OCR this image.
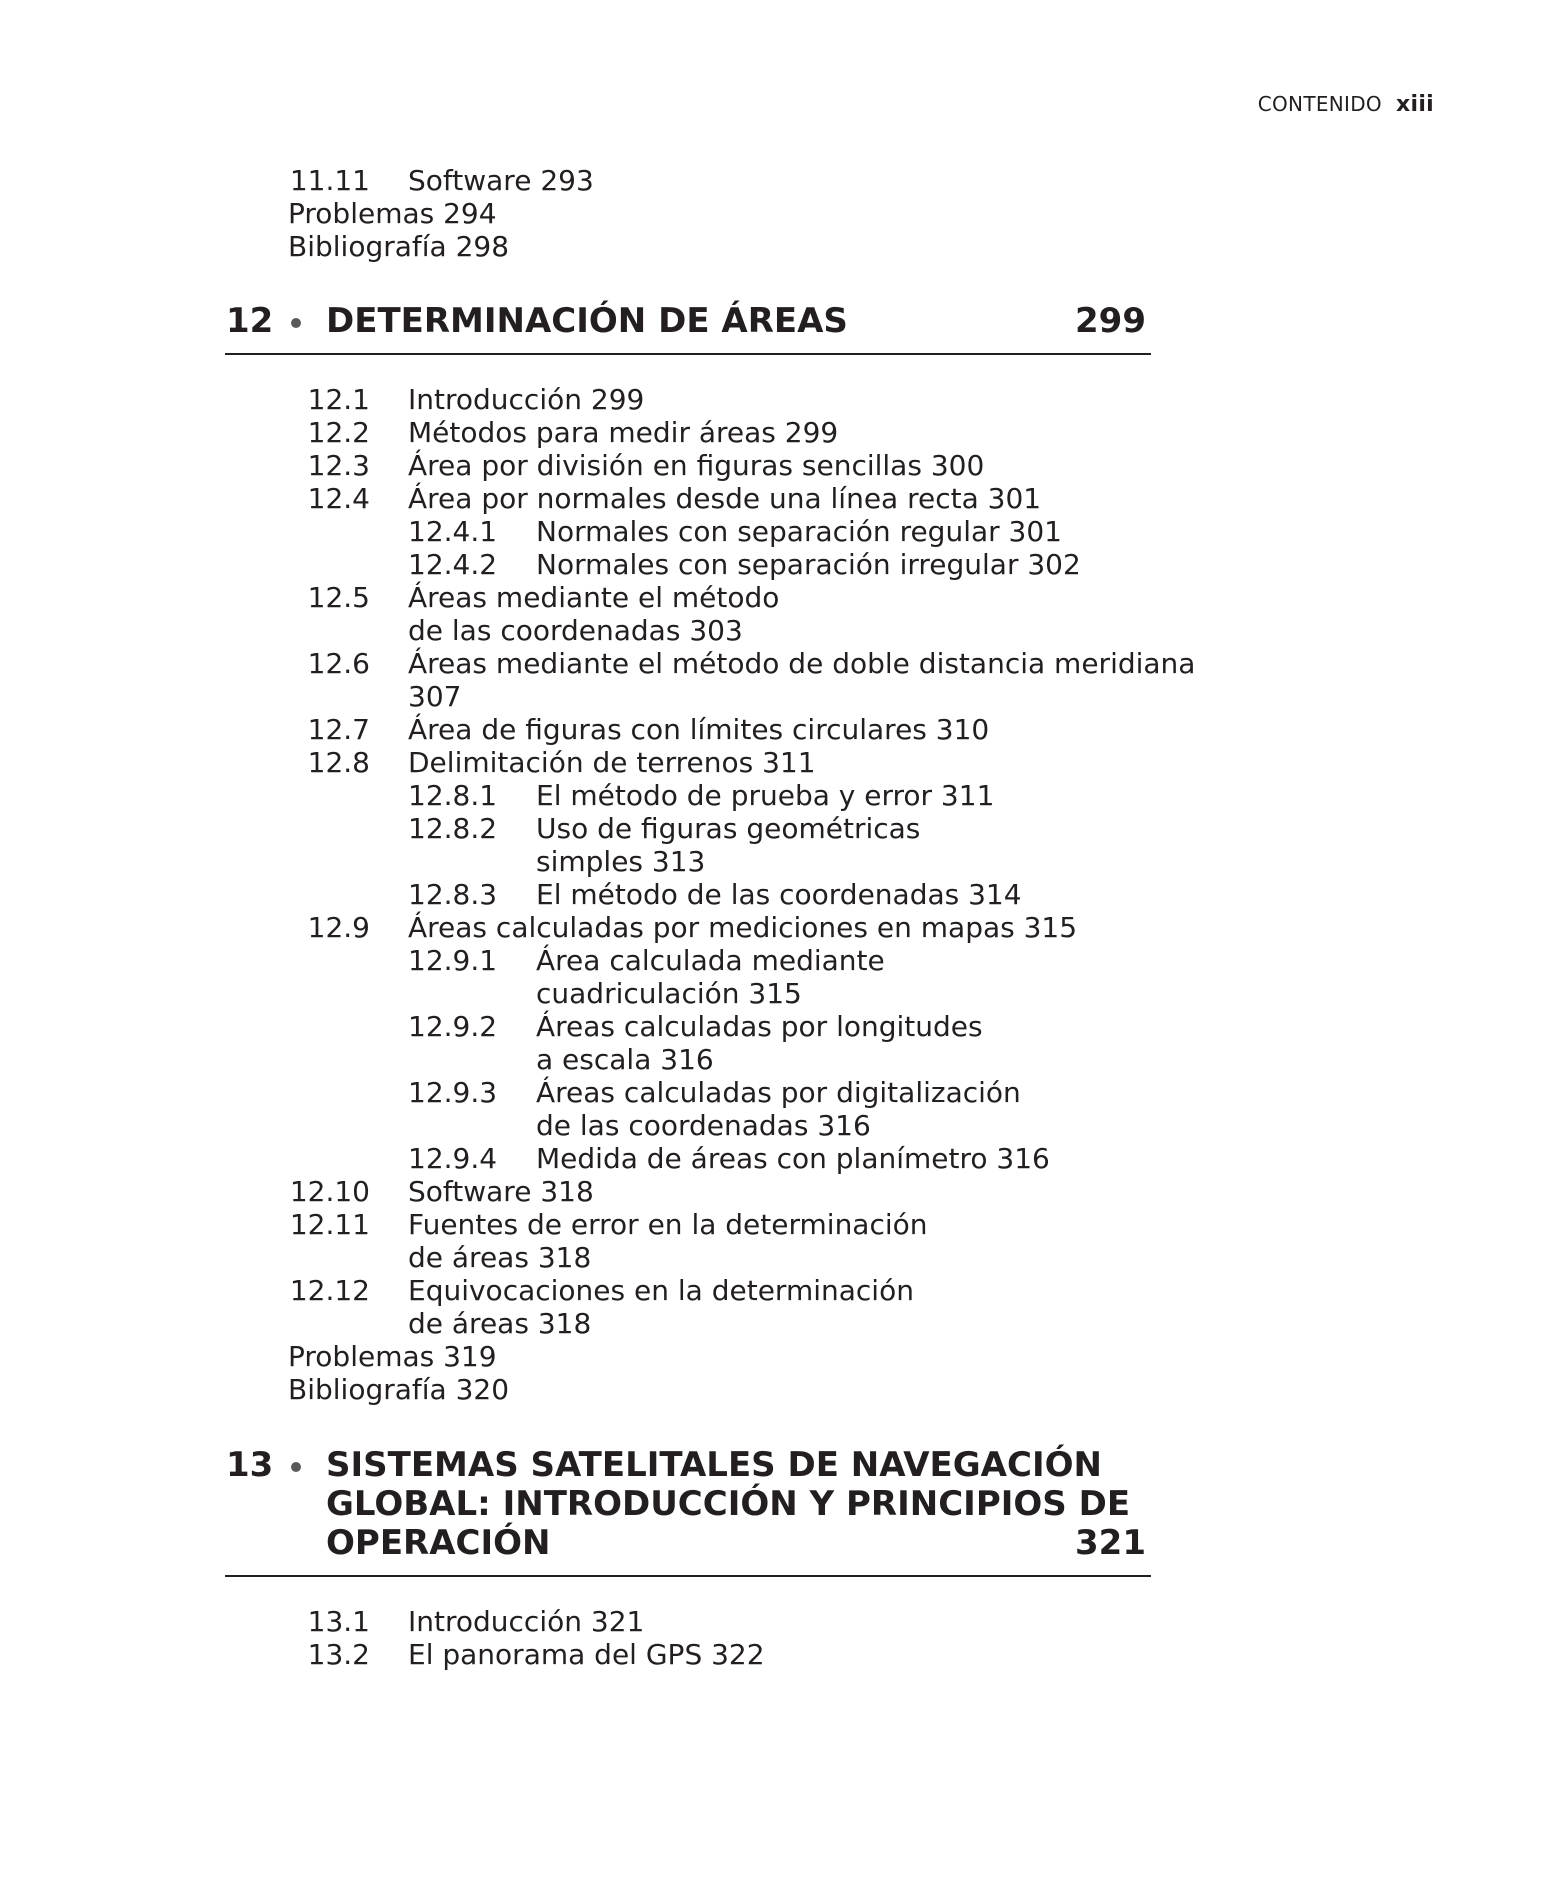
CONTENIDO xiii
11.11 Software 293
Problemas 294
Bibliografía 298
12 DETERMINACIÓN DE ÁREAS	299
12.1 Introducción 299
12.2 Métodos para medir áreas 299
12.3 Área por división en figuras sencillas 300
12.4 Área por normales desde una línea recta 301
12.4.1 Normales con separación regular 301
12.4.2 Normales con separación irregular 302
12.5 Áreas mediante el método
de las coordenadas 303
12.6 Áreas mediante el método de doble distancia meridiana
307
12.7 Área de figuras con límites circulares 310
12.8 Delimitación de terrenos 311
12.8.1 El método de prueba y error 311
12.8.2 Uso de figuras geométricas
simples 313
12.8.3 El método de las coordenadas 314
12.9 Áreas calculadas por mediciones en mapas 315
12.9.1 Área calculada mediante
cuadriculación 315
12.9.2 Áreas calculadas por longitudes
a escala 316
12.9.3 Áreas calculadas por digitalización
de las coordenadas 316
12.9.4 Medida de áreas con planímetro 316
12.10 Software 318
12.11 Fuentes de error en la determinación
de áreas 318
12.12 Equivocaciones en la determinación
de áreas 318
Problemas 319
Bibliografía 320
13 SISTEMAS SATELITALES DE NAVEGACIÓN
GLOBAL: INTRODUCCIÓN Y PRINCIPIOS DE
OPERACIÓN	321
13.1 Introducción 321
13.2 El panorama del GPS 322
